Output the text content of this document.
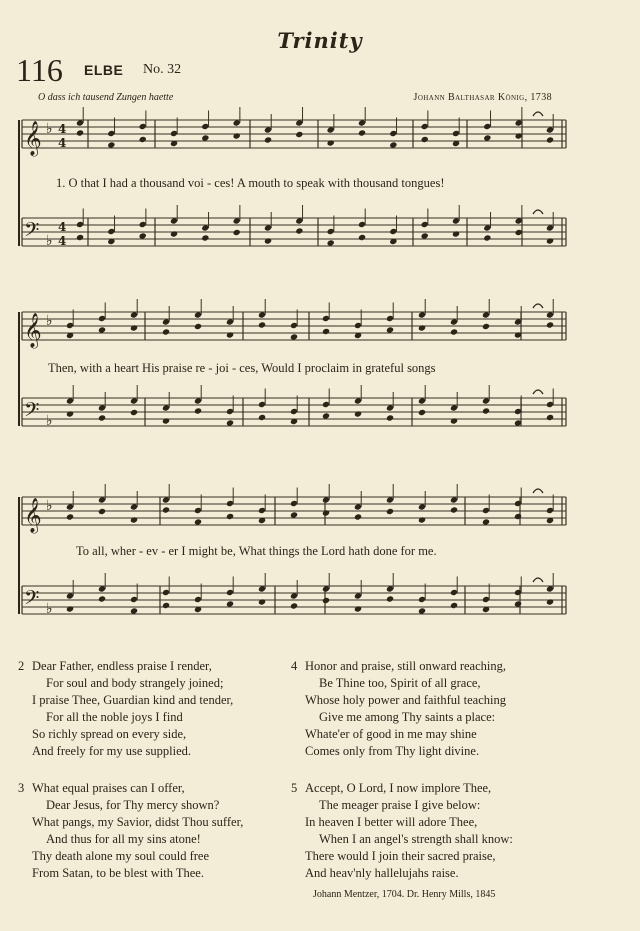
Trinity
116 ELBE No. 32
O dass ich tausend Zungen haette	Johann Balthasar König, 1738
𝄞 ♭ 4
4
𝄢 ♭
4
4
𝄞 ♭
𝄢 ♭
𝄞 ♭
𝄢 ♭
1. O that I had a thousand voi - ces! A mouth to speak with thousand tongues!
Then, with a heart His praise re - joi - ces, Would I proclaim in grateful songs
To all, wher - ev - er I might be, What things the Lord hath done for me.
2 Dear Father, endless praise I render,
For soul and body strangely joined;
I praise Thee, Guardian kind and tender,
For all the noble joys I find
So richly spread on every side,
And freely for my use supplied.
3 What equal praises can I offer,
Dear Jesus, for Thy mercy shown?
What pangs, my Savior, didst Thou suffer,
And thus for all my sins atone!
Thy death alone my soul could free
From Satan, to be blest with Thee.
4 Honor and praise, still onward reaching,
Be Thine too, Spirit of all grace,
Whose holy power and faithful teaching
Give me among Thy saints a place:
Whate'er of good in me may shine
Comes only from Thy light divine.
5 Accept, O Lord, I now implore Thee,
The meager praise I give below:
In heaven I better will adore Thee,
When I an angel's strength shall know:
There would I join their sacred praise,
And heav'nly hallelujahs raise.
Johann Mentzer, 1704. Dr. Henry Mills, 1845
